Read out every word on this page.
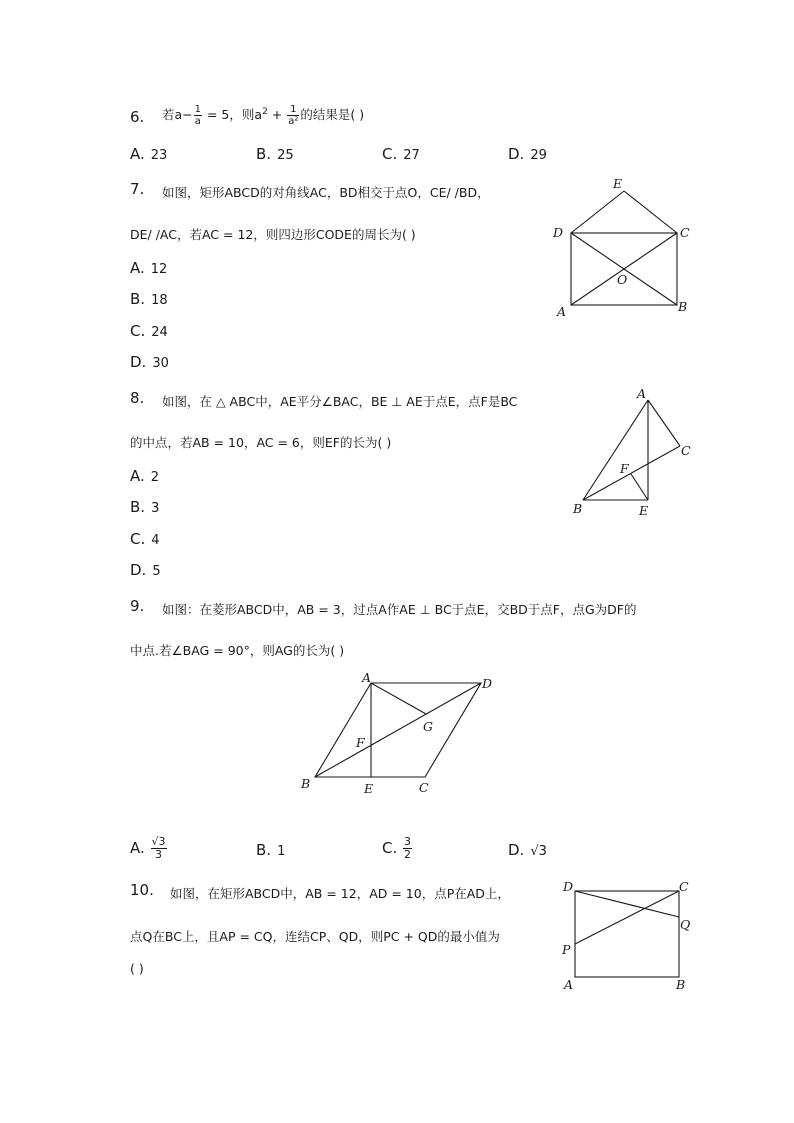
6. 若$a- \frac{1}{a} = 5$，则$a^2 + \frac{1}{\text{a²}}$ 的结果是( )
A. 23	B. 25	C. 27	D. 29
7. 如图，矩形ABCD的对角线AC，BD相交于点O，CE/ /BD，
DE/ /AC，若AC = 12，则四边形CODE的周长为( )
A. 12
B. 18
C. 24
D. 30
E
D	C
O
A	B
8. 如图，在 △ ABC中，AE平分∠BAC，BE ⊥ AE于点E，点F是BC
的中点，若AB = 10，AC = 6，则EF的长为( )
A. 2
B. 3
C. 4
D. 5
A
C
F
B	E
9. 如图：在菱形ABCD中，AB = 3，过点A作AE ⊥ BC于点E，交BD于点F，点G为DF的
中点.若∠BAG = 90°，则AG的长为( )
A	D
G
F
B	E	C
A. $\frac{√3}{3}$	B. 1	C. $\frac{3}{2}$	D. √3
10. 如图，在矩形ABCD中，AB = 12，AD = 10，点P在AD上，
点Q在BC上，且AP = CQ，连结CP、QD，则PC + QD的最小值为
( )
D	C
Q
P
A	B
